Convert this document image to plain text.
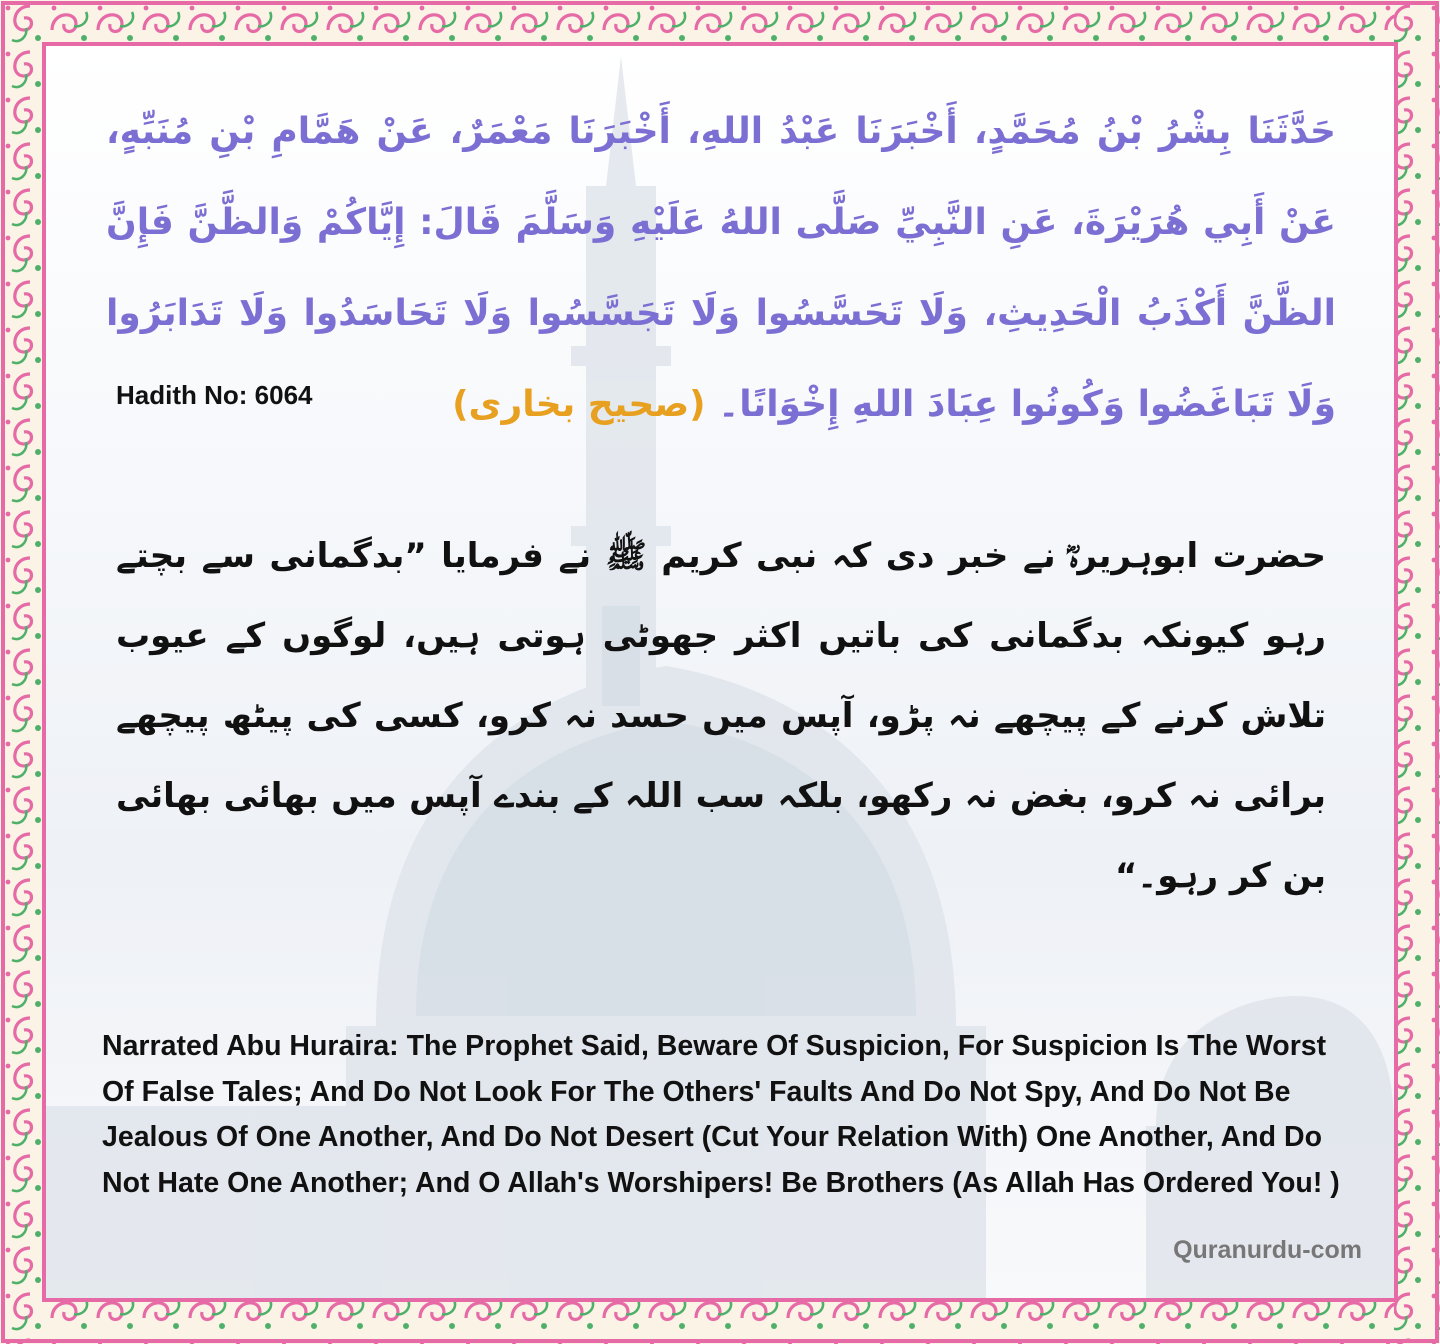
حَدَّثَنَا بِشْرُ بْنُ مُحَمَّدٍ، أَخْبَرَنَا عَبْدُ اللهِ، أَخْبَرَنَا مَعْمَرٌ، عَنْ هَمَّامِ بْنِ مُنَبِّهٍ، عَنْ أَبِي هُرَيْرَةَ، عَنِ النَّبِيِّ صَلَّى اللهُ عَلَيْهِ وَسَلَّمَ قَالَ: إِيَّاكُمْ وَالظَّنَّ فَإِنَّ الظَّنَّ أَكْذَبُ الْحَدِيثِ، وَلَا تَحَسَّسُوا وَلَا تَجَسَّسُوا وَلَا تَحَاسَدُوا وَلَا تَدَابَرُوا وَلَا تَبَاغَضُوا وَكُونُوا عِبَادَ اللهِ إِخْوَانًا۔ (صحیح بخاری)
Hadith No: 6064
حضرت ابوہریرہؓ نے خبر دی کہ نبی کریم ﷺ نے فرمایا ”بدگمانی سے بچتے رہو کیونکہ بدگمانی کی باتیں اکثر جھوٹی ہوتی ہیں، لوگوں کے عیوب تلاش کرنے کے پیچھے نہ پڑو، آپس میں حسد نہ کرو، کسی کی پیٹھ پیچھے برائی نہ کرو، بغض نہ رکھو، بلکہ سب اللہ کے بندے آپس میں بھائی بھائی بن کر رہو۔“
Narrated Abu Huraira: The Prophet Said, Beware Of Suspicion, For Suspicion Is The Worst Of False Tales; And Do Not Look For The Others' Faults And Do Not Spy, And Do Not Be Jealous Of One Another, And Do Not Desert (Cut Your Relation With) One Another, And Do Not Hate One Another; And O Allah's Worshipers! Be Brothers (As Allah Has Ordered You! )
Quranurdu-com
